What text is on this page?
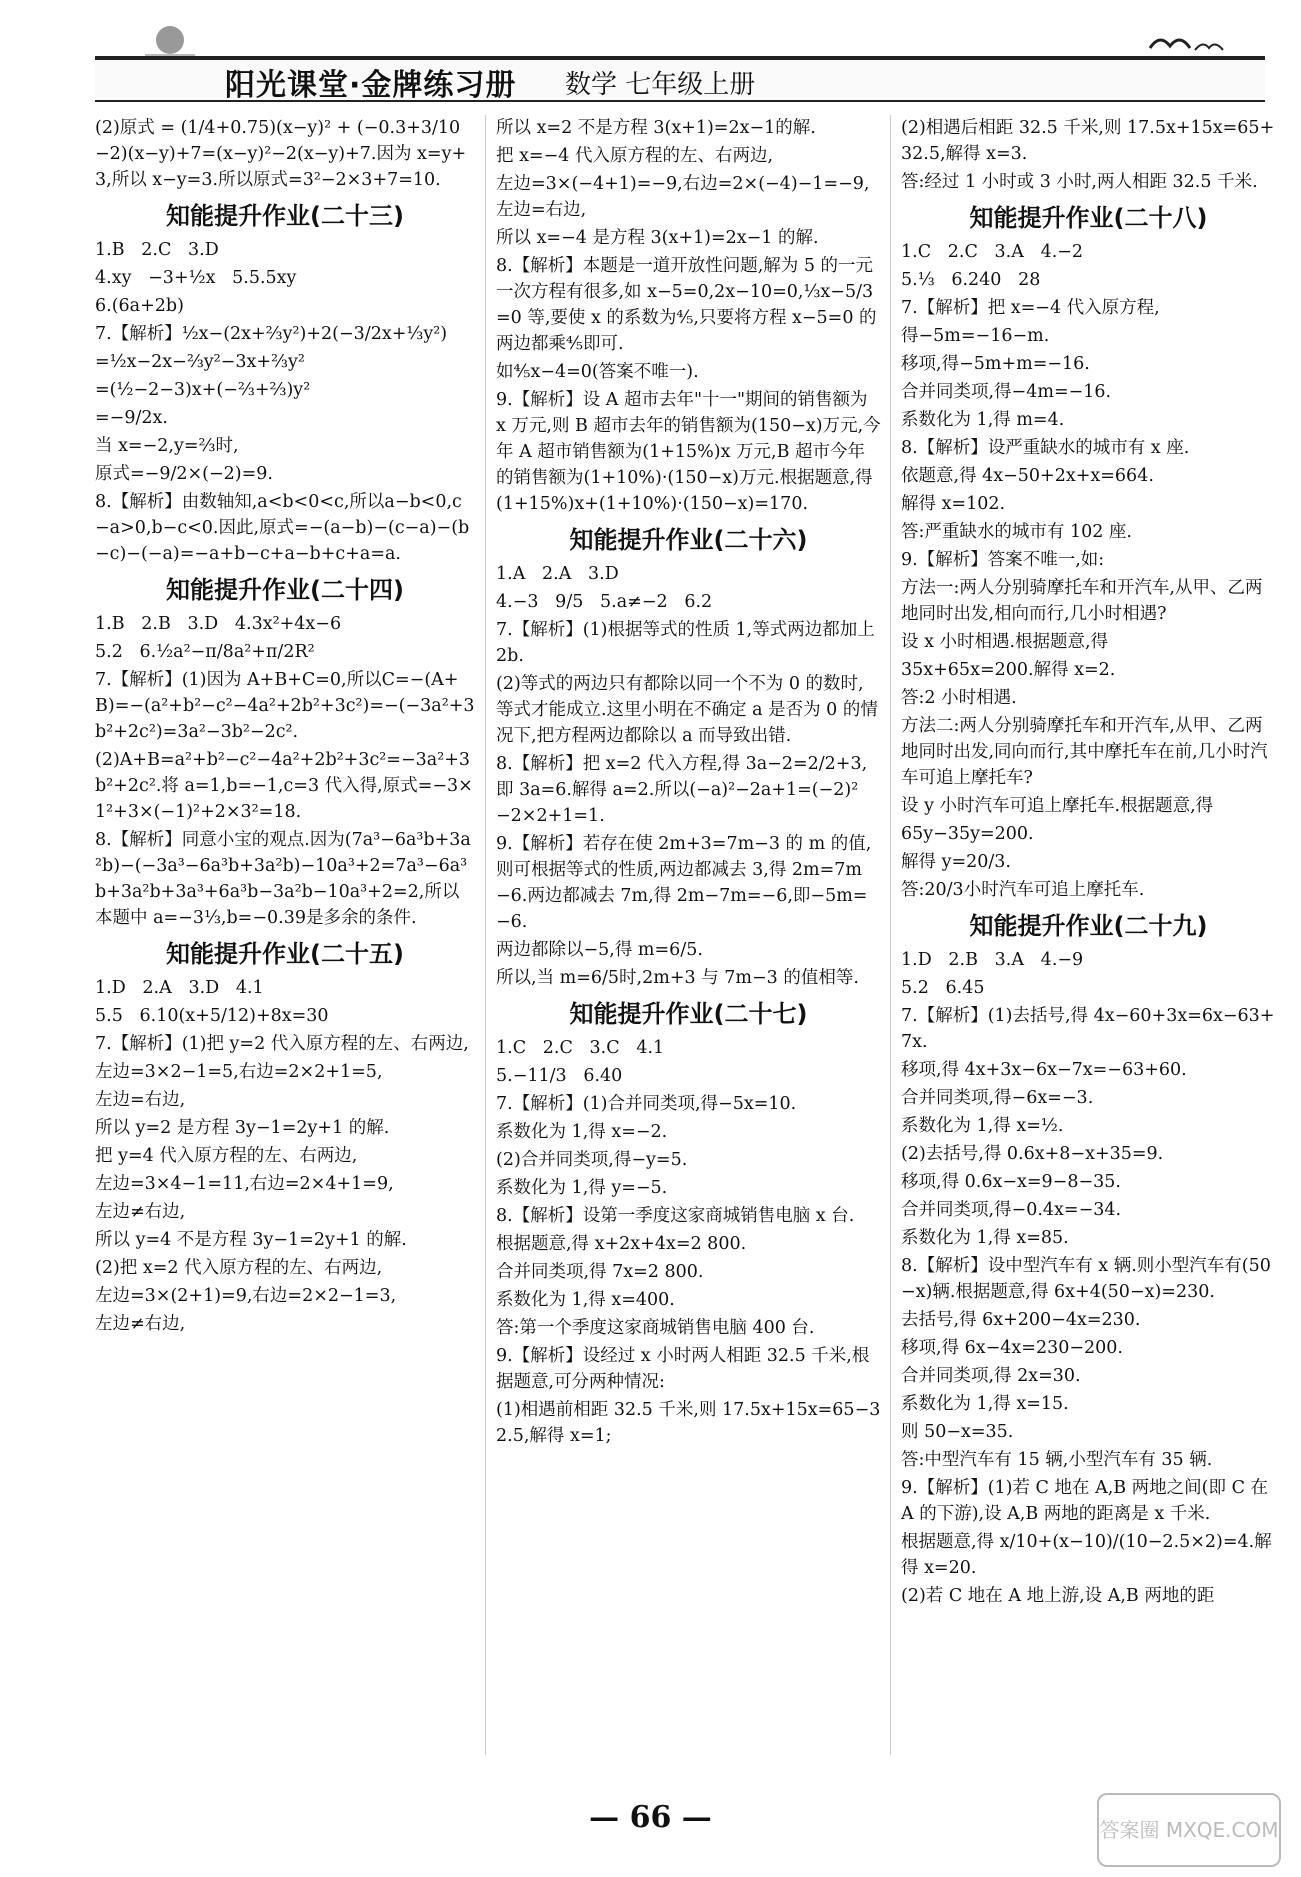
阳光课堂·金牌练习册 数学 七年级上册
(2)原式 = (1/4+0.75)(x−y)² + (−0.3+3/10−2)(x−y)+7=(x−y)²−2(x−y)+7.因为 x=y+3,所以 x−y=3.所以原式=3²−2×3+7=10.
知能提升作业(二十三)
1.B   2.C   3.D
4.xy   −3+½x   5.5.5xy
6.(6a+2b)
7.【解析】½x−(2x+⅔y²)+2(−3/2x+⅓y²)
=½x−2x−⅔y²−3x+⅔y²
=(½−2−3)x+(−⅔+⅔)y²
=−9/2x.
当 x=−2,y=⅔时,
原式=−9/2×(−2)=9.
8.【解析】由数轴知,a<b<0<c,所以a−b<0,c−a>0,b−c<0.因此,原式=−(a−b)−(c−a)−(b−c)−(−a)=−a+b−c+a−b+c+a=a.
知能提升作业(二十四)
1.B   2.B   3.D   4.3x²+4x−6
5.2   6.½a²−π/8a²+π/2R²
7.【解析】(1)因为 A+B+C=0,所以C=−(A+B)=−(a²+b²−c²−4a²+2b²+3c²)=−(−3a²+3b²+2c²)=3a²−3b²−2c².
(2)A+B=a²+b²−c²−4a²+2b²+3c²=−3a²+3b²+2c².将 a=1,b=−1,c=3 代入得,原式=−3×1²+3×(−1)²+2×3²=18.
8.【解析】同意小宝的观点.因为(7a³−6a³b+3a²b)−(−3a³−6a³b+3a²b)−10a³+2=7a³−6a³b+3a²b+3a³+6a³b−3a²b−10a³+2=2,所以本题中 a=−3⅓,b=−0.39是多余的条件.
知能提升作业(二十五)
1.D   2.A   3.D   4.1
5.5   6.10(x+5/12)+8x=30
7.【解析】(1)把 y=2 代入原方程的左、右两边,
左边=3×2−1=5,右边=2×2+1=5,
左边=右边,
所以 y=2 是方程 3y−1=2y+1 的解.
把 y=4 代入原方程的左、右两边,
左边=3×4−1=11,右边=2×4+1=9,
左边≠右边,
所以 y=4 不是方程 3y−1=2y+1 的解.
(2)把 x=2 代入原方程的左、右两边,
左边=3×(2+1)=9,右边=2×2−1=3,
左边≠右边,
所以 x=2 不是方程 3(x+1)=2x−1的解.
把 x=−4 代入原方程的左、右两边,
左边=3×(−4+1)=−9,右边=2×(−4)−1=−9,左边=右边,
所以 x=−4 是方程 3(x+1)=2x−1 的解.
8.【解析】本题是一道开放性问题,解为 5 的一元一次方程有很多,如 x−5=0,2x−10=0,⅓x−5/3=0 等,要使 x 的系数为⅘,只要将方程 x−5=0 的两边都乘⅘即可.
如⅘x−4=0(答案不唯一).
9.【解析】设 A 超市去年"十一"期间的销售额为 x 万元,则 B 超市去年的销售额为(150−x)万元,今年 A 超市销售额为(1+15%)x 万元,B 超市今年的销售额为(1+10%)·(150−x)万元.根据题意,得(1+15%)x+(1+10%)·(150−x)=170.
知能提升作业(二十六)
1.A   2.A   3.D
4.−3   9/5   5.a≠−2   6.2
7.【解析】(1)根据等式的性质 1,等式两边都加上 2b.
(2)等式的两边只有都除以同一个不为 0 的数时,等式才能成立.这里小明在不确定 a 是否为 0 的情况下,把方程两边都除以 a 而导致出错.
8.【解析】把 x=2 代入方程,得 3a−2=2/2+3,即 3a=6.解得 a=2.所以(−a)²−2a+1=(−2)²−2×2+1=1.
9.【解析】若存在使 2m+3=7m−3 的 m 的值,则可根据等式的性质,两边都减去 3,得 2m=7m−6.两边都减去 7m,得 2m−7m=−6,即−5m=−6.
两边都除以−5,得 m=6/5.
所以,当 m=6/5时,2m+3 与 7m−3 的值相等.
知能提升作业(二十七)
1.C   2.C   3.C   4.1
5.−11/3   6.40
7.【解析】(1)合并同类项,得−5x=10.
系数化为 1,得 x=−2.
(2)合并同类项,得−y=5.
系数化为 1,得 y=−5.
8.【解析】设第一季度这家商城销售电脑 x 台.
根据题意,得 x+2x+4x=2 800.
合并同类项,得 7x=2 800.
系数化为 1,得 x=400.
答:第一个季度这家商城销售电脑 400 台.
9.【解析】设经过 x 小时两人相距 32.5 千米,根据题意,可分两种情况:
(1)相遇前相距 32.5 千米,则 17.5x+15x=65−32.5,解得 x=1;
(2)相遇后相距 32.5 千米,则 17.5x+15x=65+32.5,解得 x=3.
答:经过 1 小时或 3 小时,两人相距 32.5 千米.
知能提升作业(二十八)
1.C   2.C   3.A   4.−2
5.⅓   6.240   28
7.【解析】把 x=−4 代入原方程,
得−5m=−16−m.
移项,得−5m+m=−16.
合并同类项,得−4m=−16.
系数化为 1,得 m=4.
8.【解析】设严重缺水的城市有 x 座.
依题意,得 4x−50+2x+x=664.
解得 x=102.
答:严重缺水的城市有 102 座.
9.【解析】答案不唯一,如:
方法一:两人分别骑摩托车和开汽车,从甲、乙两地同时出发,相向而行,几小时相遇?
设 x 小时相遇.根据题意,得
35x+65x=200.解得 x=2.
答:2 小时相遇.
方法二:两人分别骑摩托车和开汽车,从甲、乙两地同时出发,同向而行,其中摩托车在前,几小时汽车可追上摩托车?
设 y 小时汽车可追上摩托车.根据题意,得
65y−35y=200.
解得 y=20/3.
答:20/3小时汽车可追上摩托车.
知能提升作业(二十九)
1.D   2.B   3.A   4.−9
5.2   6.45
7.【解析】(1)去括号,得 4x−60+3x=6x−63+7x.
移项,得 4x+3x−6x−7x=−63+60.
合并同类项,得−6x=−3.
系数化为 1,得 x=½.
(2)去括号,得 0.6x+8−x+35=9.
移项,得 0.6x−x=9−8−35.
合并同类项,得−0.4x=−34.
系数化为 1,得 x=85.
8.【解析】设中型汽车有 x 辆.则小型汽车有(50−x)辆.根据题意,得 6x+4(50−x)=230.
去括号,得 6x+200−4x=230.
移项,得 6x−4x=230−200.
合并同类项,得 2x=30.
系数化为 1,得 x=15.
则 50−x=35.
答:中型汽车有 15 辆,小型汽车有 35 辆.
9.【解析】(1)若 C 地在 A,B 两地之间(即 C 在 A 的下游),设 A,B 两地的距离是 x 千米.
根据题意,得 x/10+(x−10)/(10−2.5×2)=4.解得 x=20.
(2)若 C 地在 A 地上游,设 A,B 两地的距
— 66 —	答案圈 MXQE.COM
